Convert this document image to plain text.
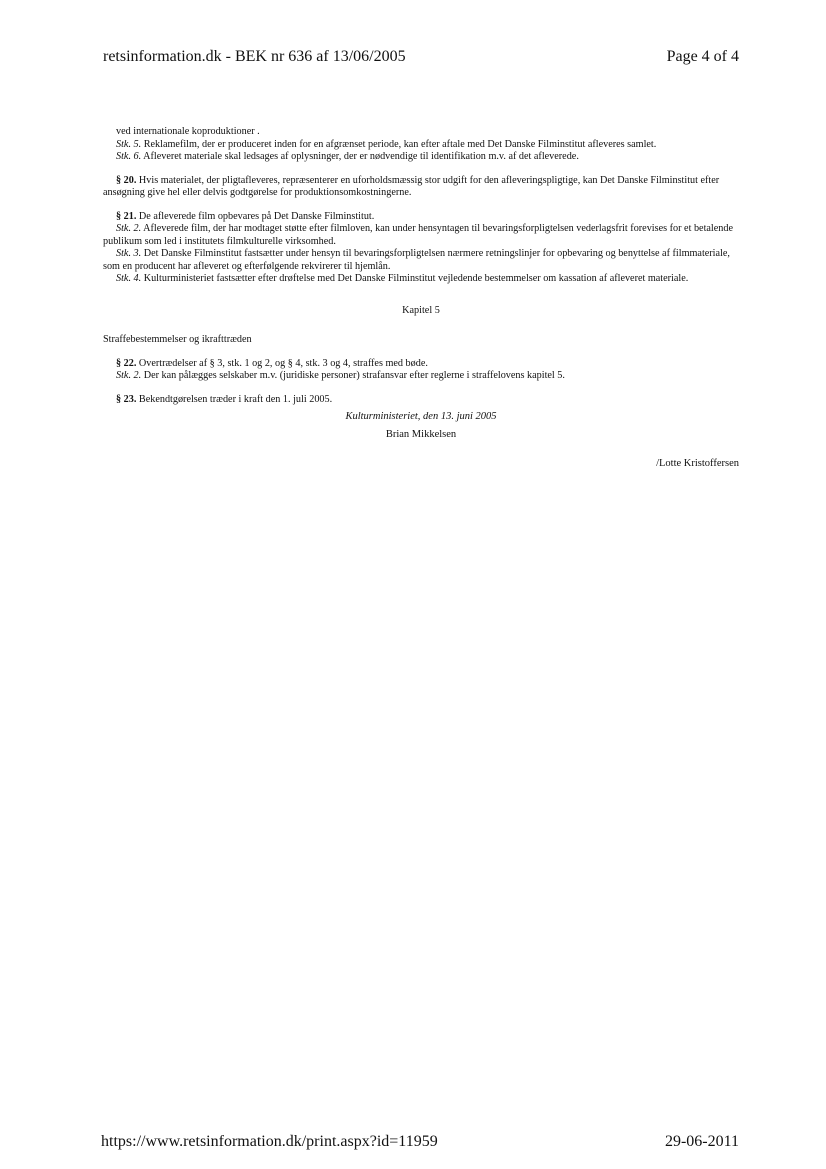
retsinformation.dk - BEK nr 636 af 13/06/2005	Page 4 of 4

ved internationale koproduktioner .

Stk. 5. Reklamefilm, der er produceret inden for en afgrænset periode, kan efter aftale med Det Danske Filminstitut afleveres samlet.

Stk. 6. Afleveret materiale skal ledsages af oplysninger, der er nødvendige til identifikation m.v. af det afleverede.

§ 20. Hvis materialet, der pligtafleveres, repræsenterer en uforholdsmæssig stor udgift for den afleveringspligtige, kan Det Danske Filminstitut efter ansøgning give hel eller delvis godtgørelse for produktionsomkostningerne.

§ 21. De afleverede film opbevares på Det Danske Filminstitut.

Stk. 2. Afleverede film, der har modtaget støtte efter filmloven, kan under hensyntagen til bevaringsforpligtelsen vederlagsfrit forevises for et betalende publikum som led i institutets filmkulturelle virksomhed.

Stk. 3. Det Danske Filminstitut fastsætter under hensyn til bevaringsforpligtelsen nærmere retningslinjer for opbevaring og benyttelse af filmmateriale, som en producent har afleveret og efterfølgende rekvirerer til hjemlån.

Stk. 4. Kulturministeriet fastsætter efter drøftelse med Det Danske Filminstitut vejledende bestemmelser om kassation af afleveret materiale.

Kapitel 5

Straffebestemmelser og ikrafttræden

§ 22. Overtrædelser af § 3, stk. 1 og 2, og § 4, stk. 3 og 4, straffes med bøde.

Stk. 2. Der kan pålægges selskaber m.v. (juridiske personer) strafansvar efter reglerne i straffelovens kapitel 5.

§ 23. Bekendtgørelsen træder i kraft den 1. juli 2005.

Kulturministeriet, den 13. juni 2005

Brian Mikkelsen

/Lotte Kristoffersen

https://www.retsinformation.dk/print.aspx?id=11959	29-06-2011
